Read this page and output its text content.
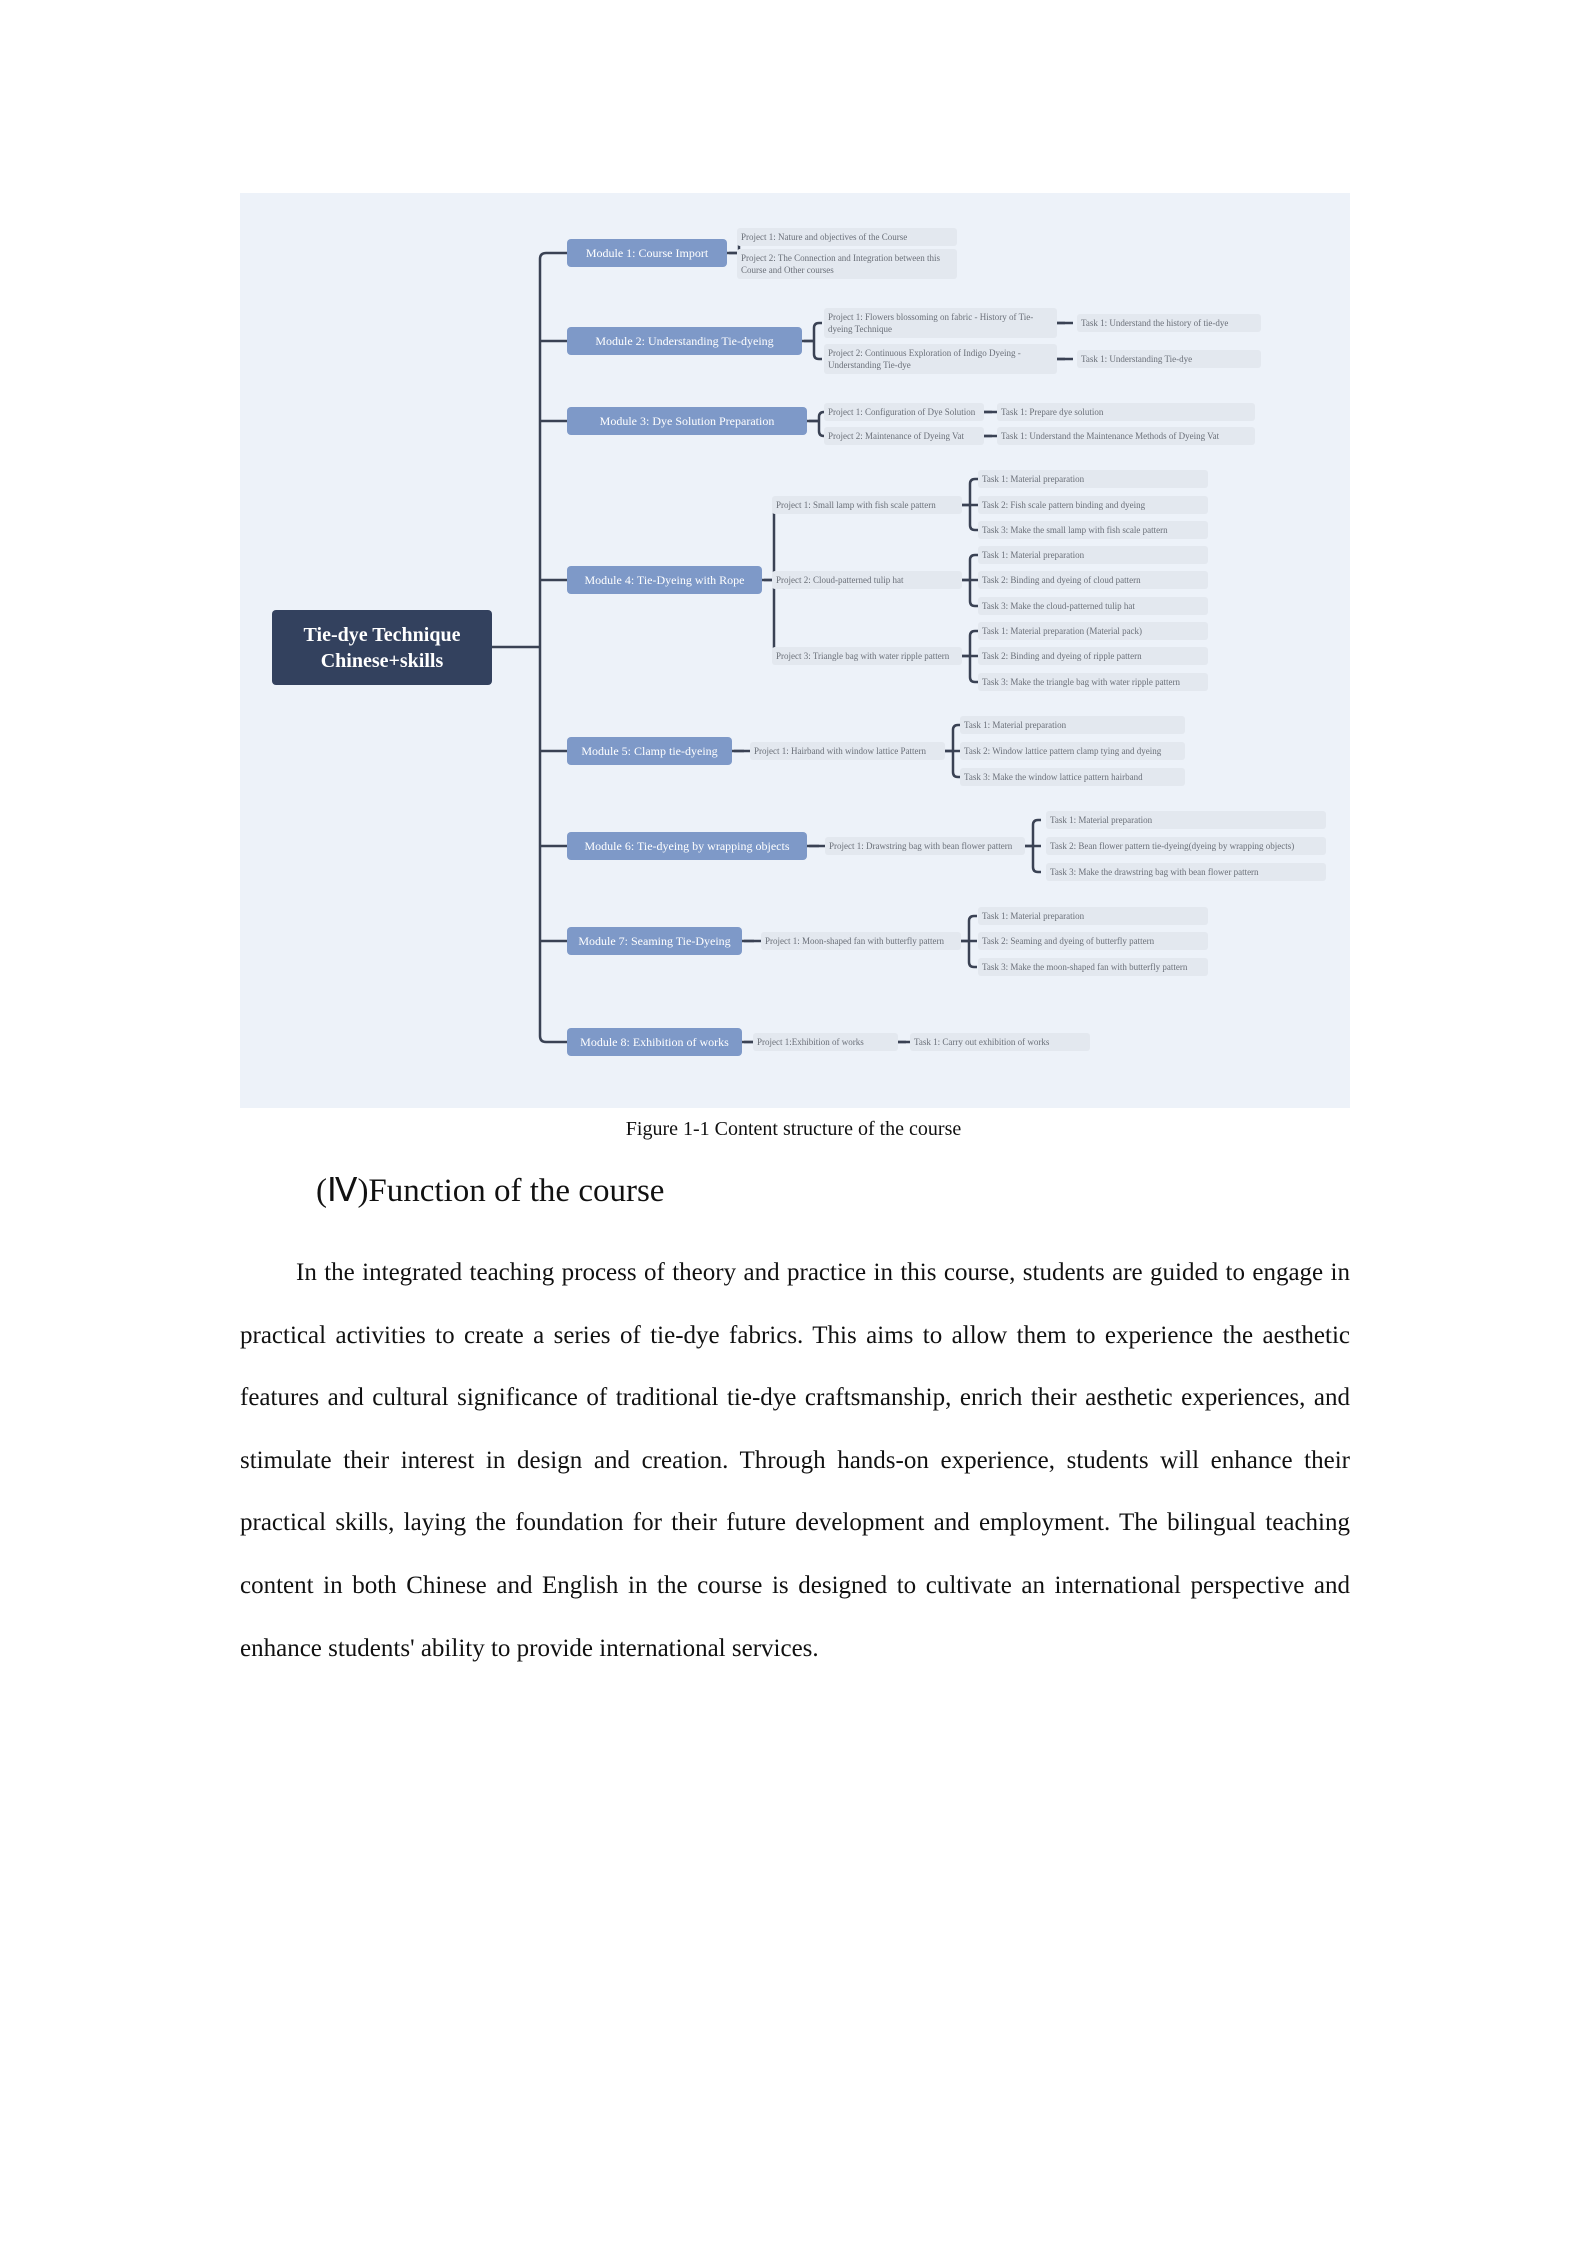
Tie-dye Technique
Chinese+skills
Module 1: Course Import
Project 1: Nature and objectives of the Course
Project 2: The Connection and Integration between this Course and Other courses
Module 2: Understanding Tie-dyeing
Project 1: Flowers blossoming on fabric - History of Tie-dyeing Technique
Task 1: Understand the history of tie-dye
Project 2: Continuous Exploration of Indigo Dyeing - Understanding Tie-dye
Task 1: Understanding Tie-dye
Module 3: Dye Solution Preparation
Project 1: Configuration of Dye Solution	Task 1: Prepare dye solution
Project 2: Maintenance of Dyeing Vat	Task 1: Understand the Maintenance Methods of Dyeing Vat
Module 4: Tie-Dyeing with Rope
Project 1: Small lamp with fish scale pattern
Task 1: Material preparation
Task 2: Fish scale pattern binding and dyeing
Task 3: Make the small lamp with fish scale pattern
Project 2: Cloud-patterned tulip hat
Task 1: Material preparation
Task 2: Binding and dyeing of cloud pattern
Task 3: Make the cloud-patterned tulip hat
Project 3: Triangle bag with water ripple pattern
Task 1: Material preparation (Material pack)
Task 2: Binding and dyeing of ripple pattern
Task 3: Make the triangle bag with water ripple pattern
Module 5: Clamp tie-dyeing	Project 1: Hairband with window lattice Pattern
Task 1: Material preparation
Task 2: Window lattice pattern clamp tying and dyeing
Task 3: Make the window lattice pattern hairband
Module 6: Tie-dyeing by wrapping objects	Project 1: Drawstring bag with bean flower pattern
Task 1: Material preparation
Task 2: Bean flower pattern tie-dyeing(dyeing by wrapping objects)
Task 3: Make the drawstring bag with bean flower pattern
Module 7: Seaming Tie-Dyeing	Project 1: Moon-shaped fan with butterfly pattern
Task 1: Material preparation
Task 2: Seaming and dyeing of butterfly pattern
Task 3: Make the moon-shaped fan with butterfly pattern
Module 8: Exhibition of works	Project 1:Exhibition of works	Task 1: Carry out exhibition of works
Figure 1-1 Content structure of the course
(Ⅳ)Function of the course
In the integrated teaching process of theory and practice in this course, students are guided to engage in practical activities to create a series of tie-dye fabrics. This aims to allow them to experience the aesthetic features and cultural significance of traditional tie-dye craftsmanship, enrich their aesthetic experiences, and stimulate their interest in design and creation. Through hands-on experience, students will enhance their practical skills, laying the foundation for their future development and employment. The bilingual teaching content in both Chinese and English in the course is designed to cultivate an international perspective and enhance students' ability to provide international services.
